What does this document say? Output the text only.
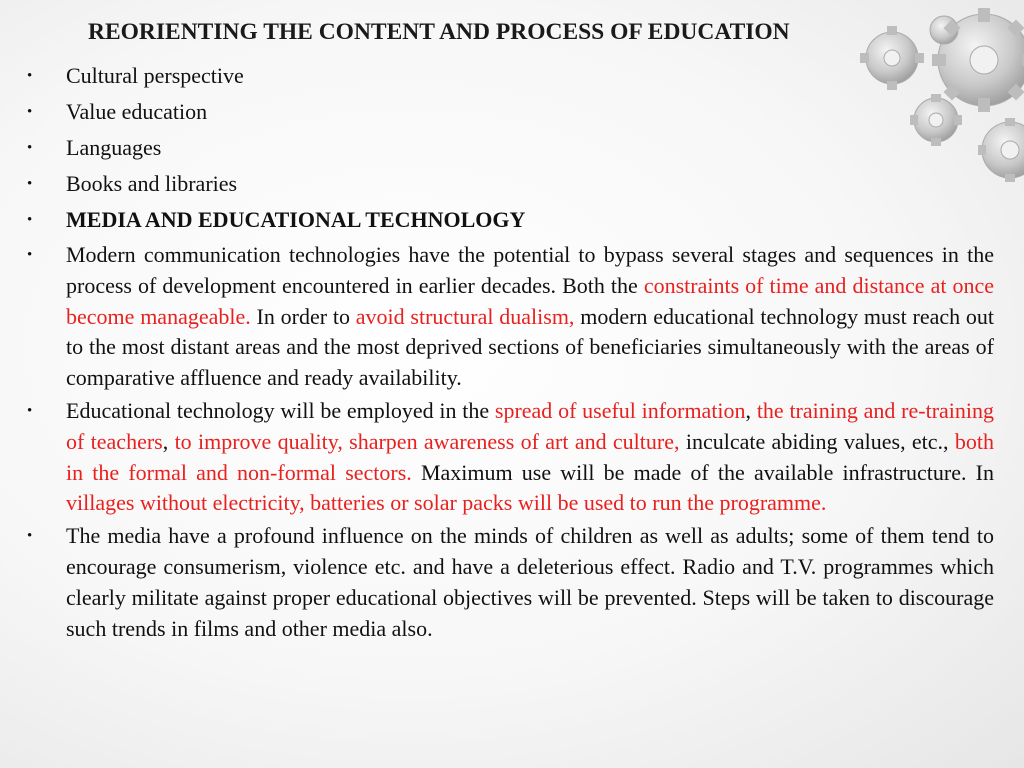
REORIENTING THE CONTENT AND PROCESS OF EDUCATION
•	Cultural perspective
•	Value education
•	Languages
•	Books and libraries
•	MEDIA AND EDUCATIONAL TECHNOLOGY
•	Modern communication technologies have the potential to bypass several stages and sequences in the process of development encountered in earlier decades. Both the constraints of time and distance at once become manageable. In order to avoid structural dualism, modern educational technology must reach out to the most distant areas and the most deprived sections of beneficiaries simultaneously with the areas of comparative affluence and ready availability.
•	Educational technology will be employed in the spread of useful information, the training and re-training of teachers, to improve quality, sharpen awareness of art and culture, inculcate abiding values, etc., both in the formal and non-formal sectors. Maximum use will be made of the available infrastructure. In villages without electricity, batteries or solar packs will be used to run the programme.
•	The media have a profound influence on the minds of children as well as adults; some of them tend to encourage consumerism, violence etc. and have a deleterious effect. Radio and T.V. programmes which clearly militate against proper educational objectives will be prevented. Steps will be taken to discourage such trends in films and other media also.
